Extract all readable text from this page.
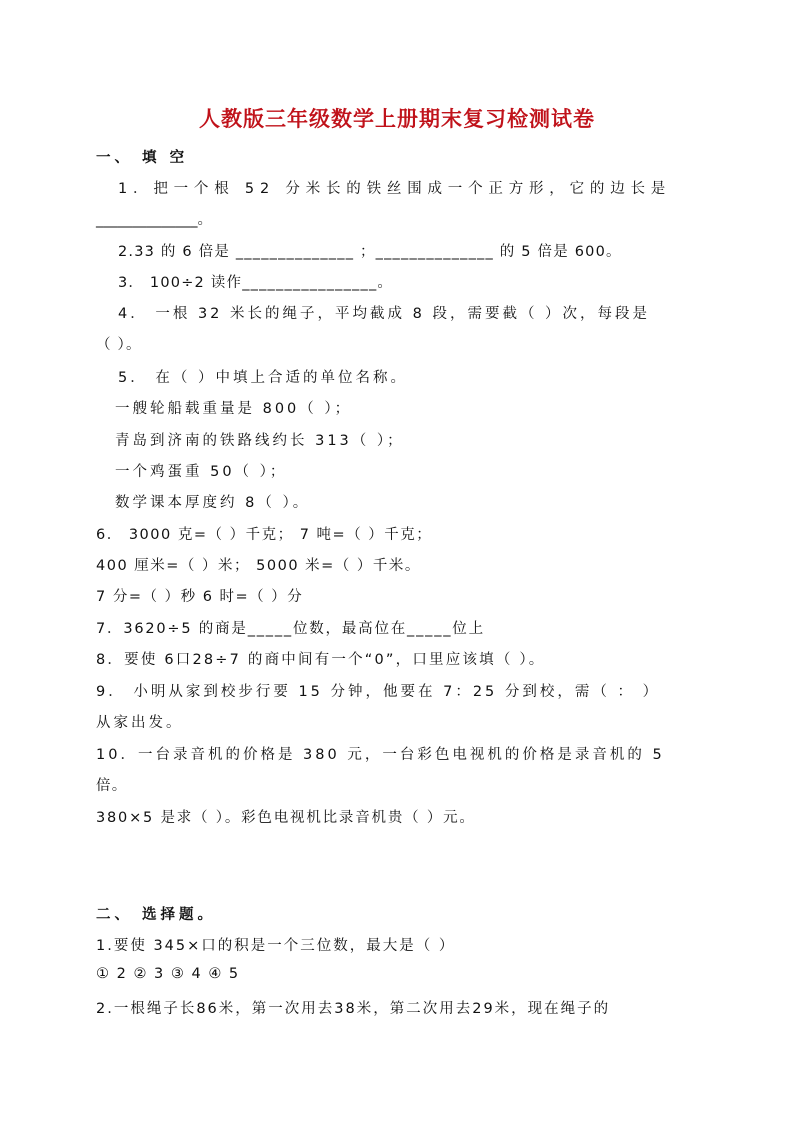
人教版三年级数学上册期末复习检测试卷
一、 填 空
1．把一个根 52 分米长的铁丝围成一个正方形，它的边长是
______________。
2.33 的 6 倍是 ______________ ；______________ 的 5 倍是 600。
3． 100÷2 读作________________。
4． 一根 32 米长的绳子，平均截成 8 段，需要截（ ）次，每段是
（ ）。
5． 在（ ）中填上合适的单位名称。
一艘轮船载重量是 800（ ）；
青岛到济南的铁路线约长 313（ ）；
一个鸡蛋重 50（ ）；
数学课本厚度约 8（ ）。
6． 3000 克=（ ）千克； 7 吨=（ ）千克；
400 厘米=（ ）米； 5000 米=（ ）千米。
7 分=（ ）秒 6 时=（ ）分
7．3620÷5 的商是_____位数，最高位在_____位上
8．要使 6口28÷7 的商中间有一个“0”，口里应该填（ ）。
9． 小明从家到校步行要 15 分钟，他要在 7：25 分到校，需（ ： ）
从家出发。
10．一台录音机的价格是 380 元，一台彩色电视机的价格是录音机的 5
倍。
380×5 是求（ ）。彩色电视机比录音机贵（ ）元。
二、 选择题。
1.要使 345×口的积是一个三位数，最大是（ ）
① 2 ② 3 ③ 4 ④ 5
2.一根绳子长86米，第一次用去38米，第二次用去29米，现在绳子的
